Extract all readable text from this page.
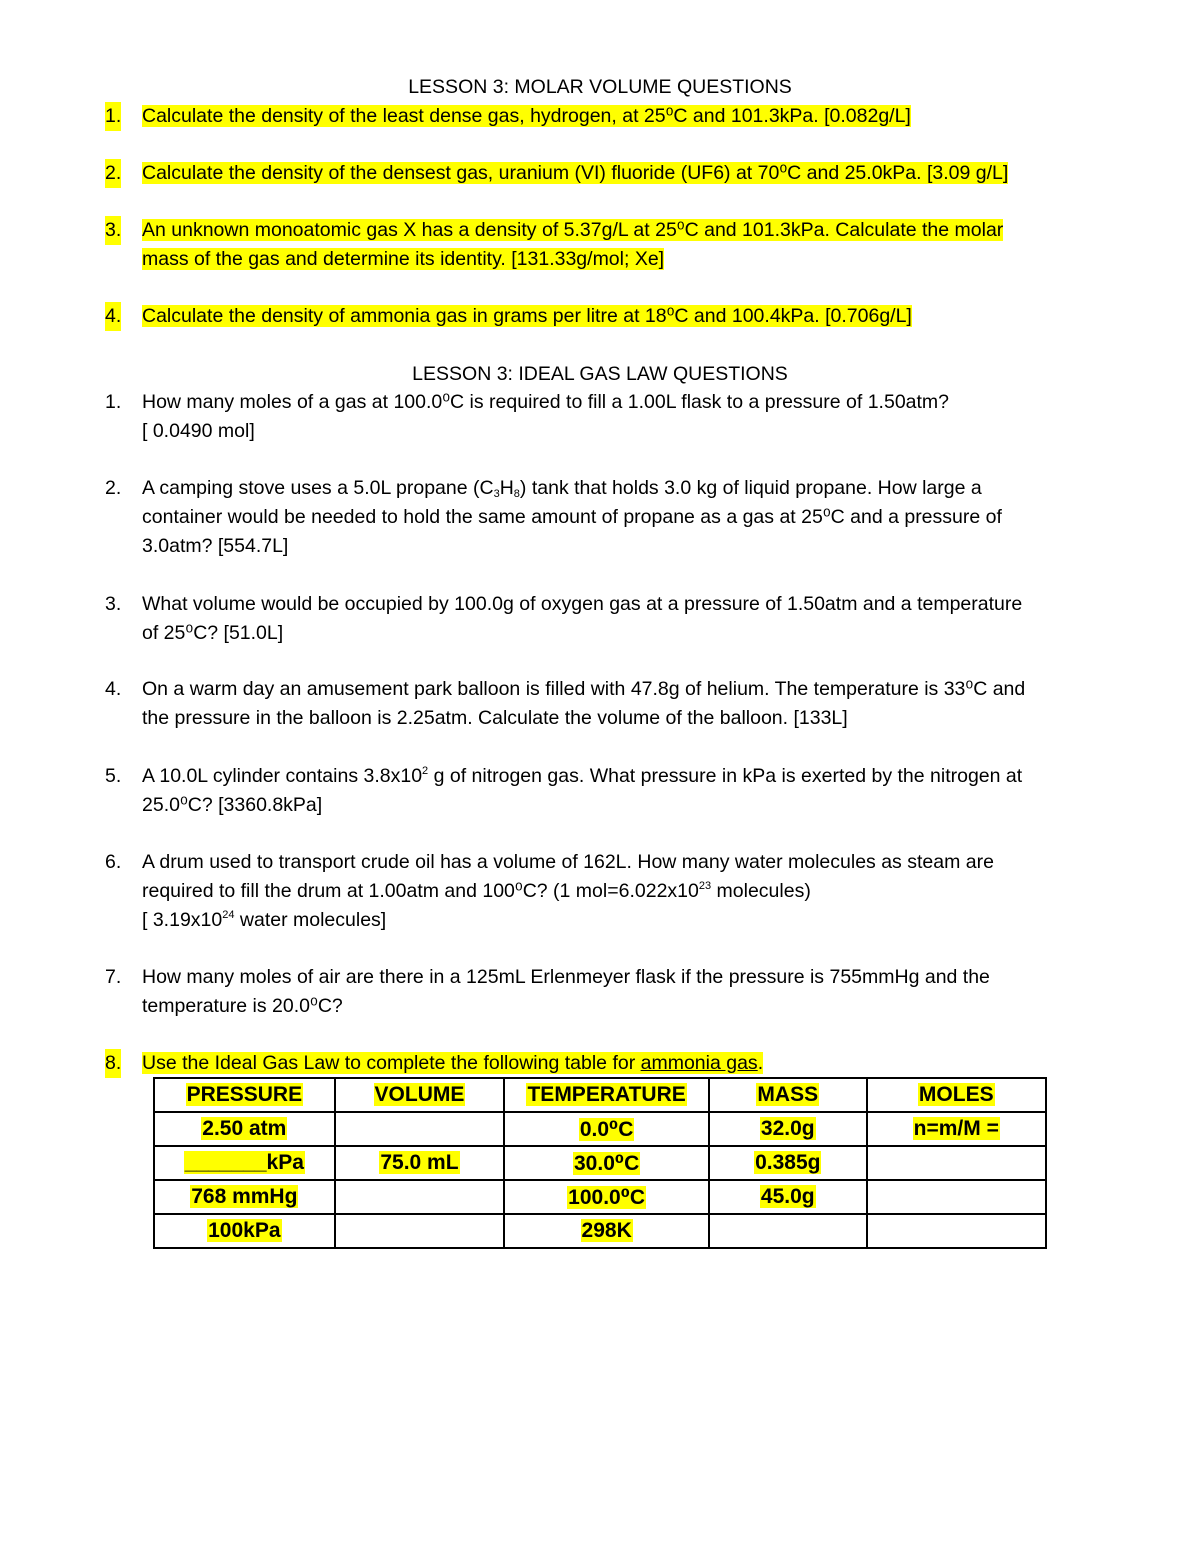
LESSON 3: MOLAR VOLUME QUESTIONS
1. Calculate the density of the least dense gas, hydrogen, at 25⁰C and 101.3kPa. [0.082g/L]
2. Calculate the density of the densest gas, uranium (VI) fluoride (UF6) at 70⁰C and 25.0kPa. [3.09 g/L]
3. An unknown monoatomic gas X has a density of 5.37g/L at 25⁰C and 101.3kPa. Calculate the molar
mass of the gas and determine its identity. [131.33g/mol; Xe]
4. Calculate the density of ammonia gas in grams per litre at 18⁰C and 100.4kPa. [0.706g/L]
LESSON 3: IDEAL GAS LAW QUESTIONS
1. How many moles of a gas at 100.0⁰C is required to fill a 1.00L flask to a pressure of 1.50atm?
[ 0.0490 mol]
2. A camping stove uses a 5.0L propane $(C_3H_8)$ tank that holds 3.0 kg of liquid propane. How large a
container would be needed to hold the same amount of propane as a gas at 25⁰C and a pressure of
3.0atm? [554.7L]
3. What volume would be occupied by 100.0g of oxygen gas at a pressure of 1.50atm and a temperature
of 25⁰C? [51.0L]
4. On a warm day an amusement park balloon is filled with 47.8g of helium. The temperature is 33⁰C and
the pressure in the balloon is 2.25atm. Calculate the volume of the balloon. [133L]
5. A 10.0L cylinder contains $3.8x10^2$ g of nitrogen gas. What pressure in kPa is exerted by the nitrogen at
25.0⁰C? [3360.8kPa]
6. A drum used to transport crude oil has a volume of 162L. How many water molecules as steam are
required to fill the drum at 1.00atm and 100⁰C? (1 $mol=6.022x10^{23}$ molecules)
[ $3.19x10^{24}$ water molecules]
7. How many moles of air are there in a 125mL Erlenmeyer flask if the pressure is 755mmHg and the
temperature is 20.0⁰C?
8. Use the Ideal Gas Law to complete the following table for ammonia gas.
PRESSURE	VOLUME	TEMPERATURE	MASS	MOLES
2.50 atm		0.0⁰C	32.0g	n=m/M =
_______kPa	75.0 mL	30.0⁰C	0.385g	
768 mmHg		100.0⁰C	45.0g	
100kPa		298K		
